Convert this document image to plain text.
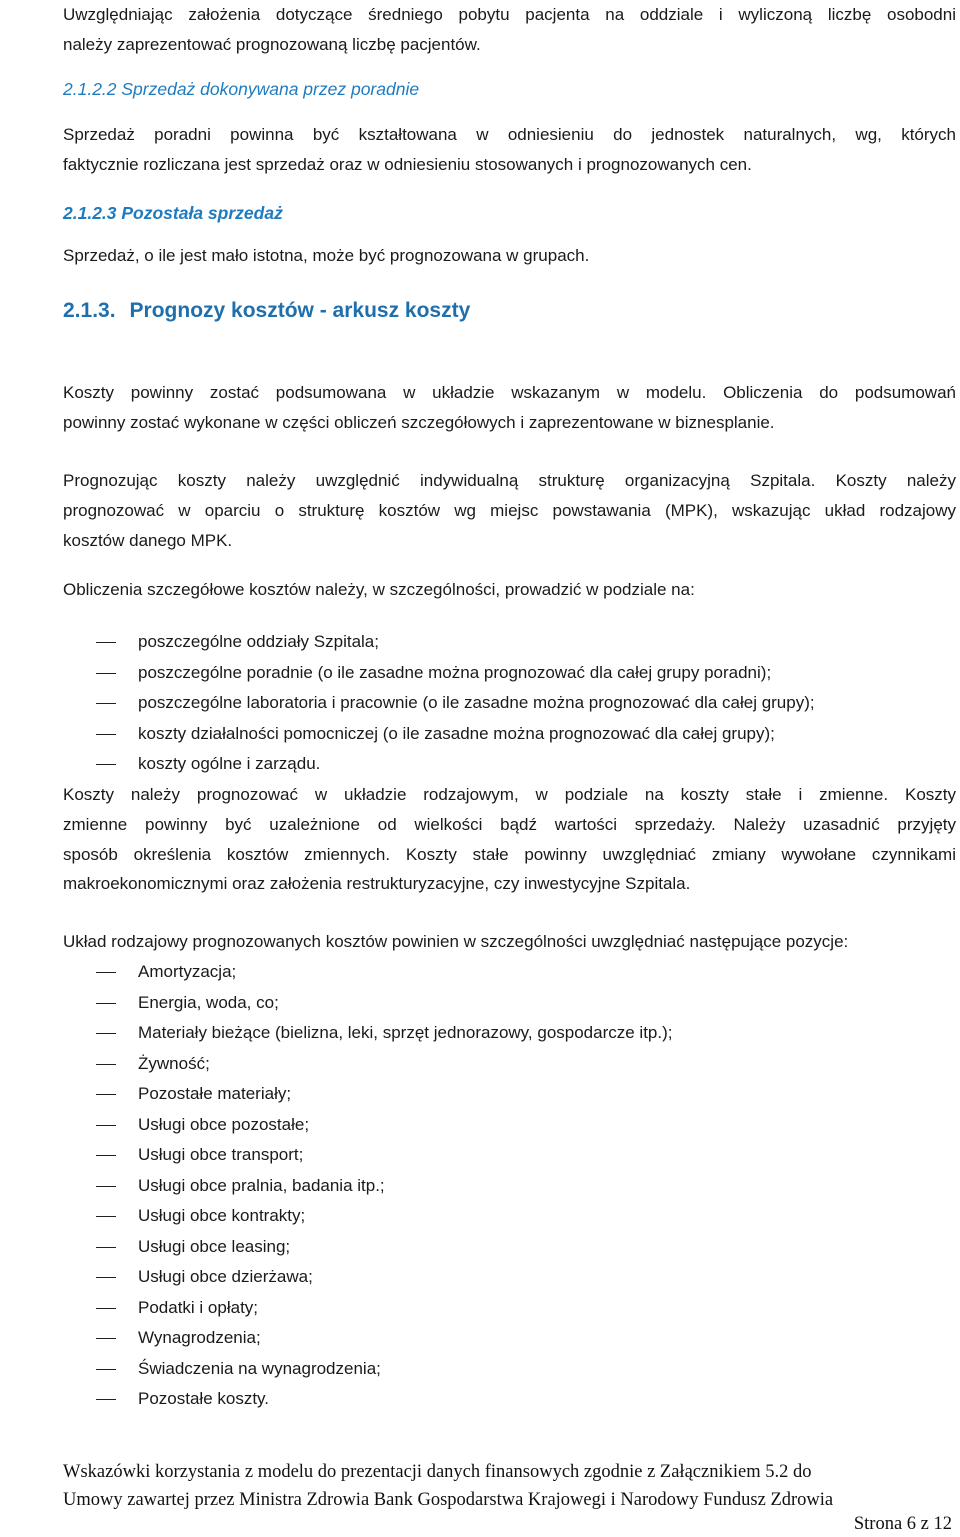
Uwzględniając założenia dotyczące średniego pobytu pacjenta na oddziale i wyliczoną liczbę osobodni
należy zaprezentować prognozowaną liczbę pacjentów.
2.1.2.2 Sprzedaż dokonywana przez poradnie
Sprzedaż poradni powinna być kształtowana w odniesieniu do jednostek naturalnych, wg, których
faktycznie rozliczana jest sprzedaż oraz w odniesieniu stosowanych i prognozowanych cen.
2.1.2.3 Pozostała sprzedaż
Sprzedaż, o ile jest mało istotna, może być prognozowana w grupach.
2.1.3. Prognozy kosztów - arkusz koszty
Koszty powinny zostać podsumowana w układzie wskazanym w modelu. Obliczenia do podsumowań
powinny zostać wykonane w części obliczeń szczegółowych i zaprezentowane w biznesplanie.
Prognozując koszty należy uwzględnić indywidualną strukturę organizacyjną Szpitala. Koszty należy
prognozować w oparciu o strukturę kosztów wg miejsc powstawania (MPK), wskazując układ rodzajowy
kosztów danego MPK.
Obliczenia szczegółowe kosztów należy, w szczególności, prowadzić w podziale na:
poszczególne oddziały Szpitala;
poszczególne poradnie (o ile zasadne można prognozować dla całej grupy poradni);
poszczególne laboratoria i pracownie (o ile zasadne można prognozować dla całej grupy);
koszty działalności pomocniczej (o ile zasadne można prognozować dla całej grupy);
koszty ogólne i zarządu.
Koszty należy prognozować w układzie rodzajowym, w podziale na koszty stałe i zmienne. Koszty
zmienne powinny być uzależnione od wielkości bądź wartości sprzedaży. Należy uzasadnić przyjęty
sposób określenia kosztów zmiennych. Koszty stałe powinny uwzględniać zmiany wywołane czynnikami
makroekonomicznymi oraz założenia restrukturyzacyjne, czy inwestycyjne Szpitala.
Układ rodzajowy prognozowanych kosztów powinien w szczególności uwzględniać następujące pozycje:
Amortyzacja;
Energia, woda, co;
Materiały bieżące (bielizna, leki, sprzęt jednorazowy, gospodarcze itp.);
Żywność;
Pozostałe materiały;
Usługi obce pozostałe;
Usługi obce transport;
Usługi obce pralnia, badania itp.;
Usługi obce kontrakty;
Usługi obce leasing;
Usługi obce dzierżawa;
Podatki i opłaty;
Wynagrodzenia;
Świadczenia na wynagrodzenia;
Pozostałe koszty.
Wskazówki korzystania z modelu do prezentacji danych finansowych zgodnie z Załącznikiem 5.2 do
Umowy zawartej przez Ministra Zdrowia Bank Gospodarstwa Krajowegi i Narodowy Fundusz Zdrowia
Strona 6 z 12
